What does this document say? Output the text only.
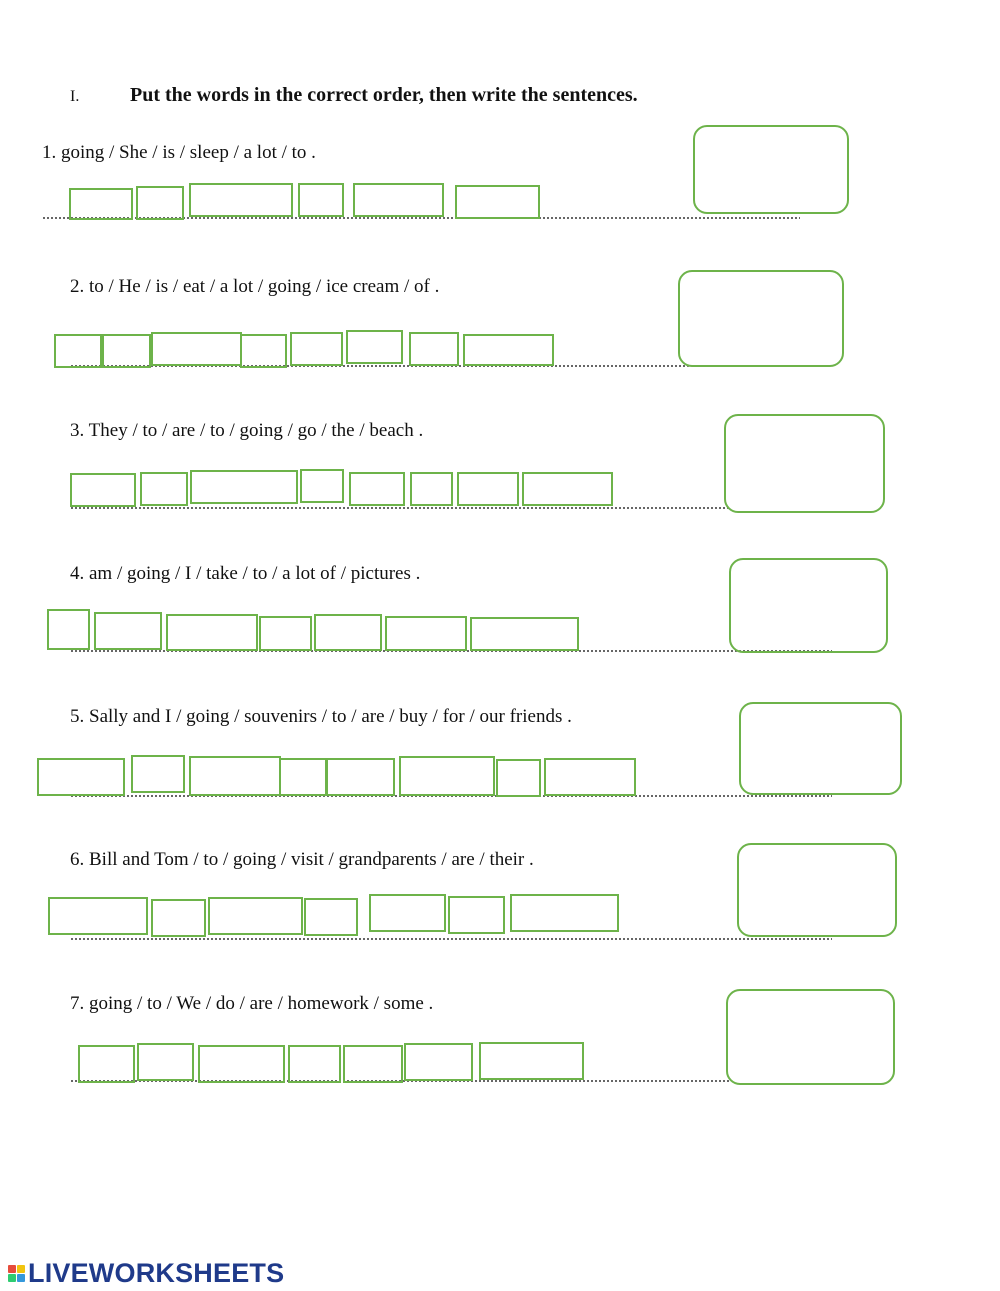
I.	Put the words in the correct order, then write the sentences.
1. going / She / is / sleep / a lot / to .
2. to / He / is / eat / a lot / going / ice cream / of .
3. They / to / are / to / going / go / the / beach .
4. am / going / I / take / to / a lot of / pictures .
5. Sally and I / going / souvenirs / to / are / buy / for / our friends .
6. Bill and Tom / to / going / visit / grandparents / are / their .
7. going / to / We / do / are / homework / some .
LIVEWORKSHEETS
